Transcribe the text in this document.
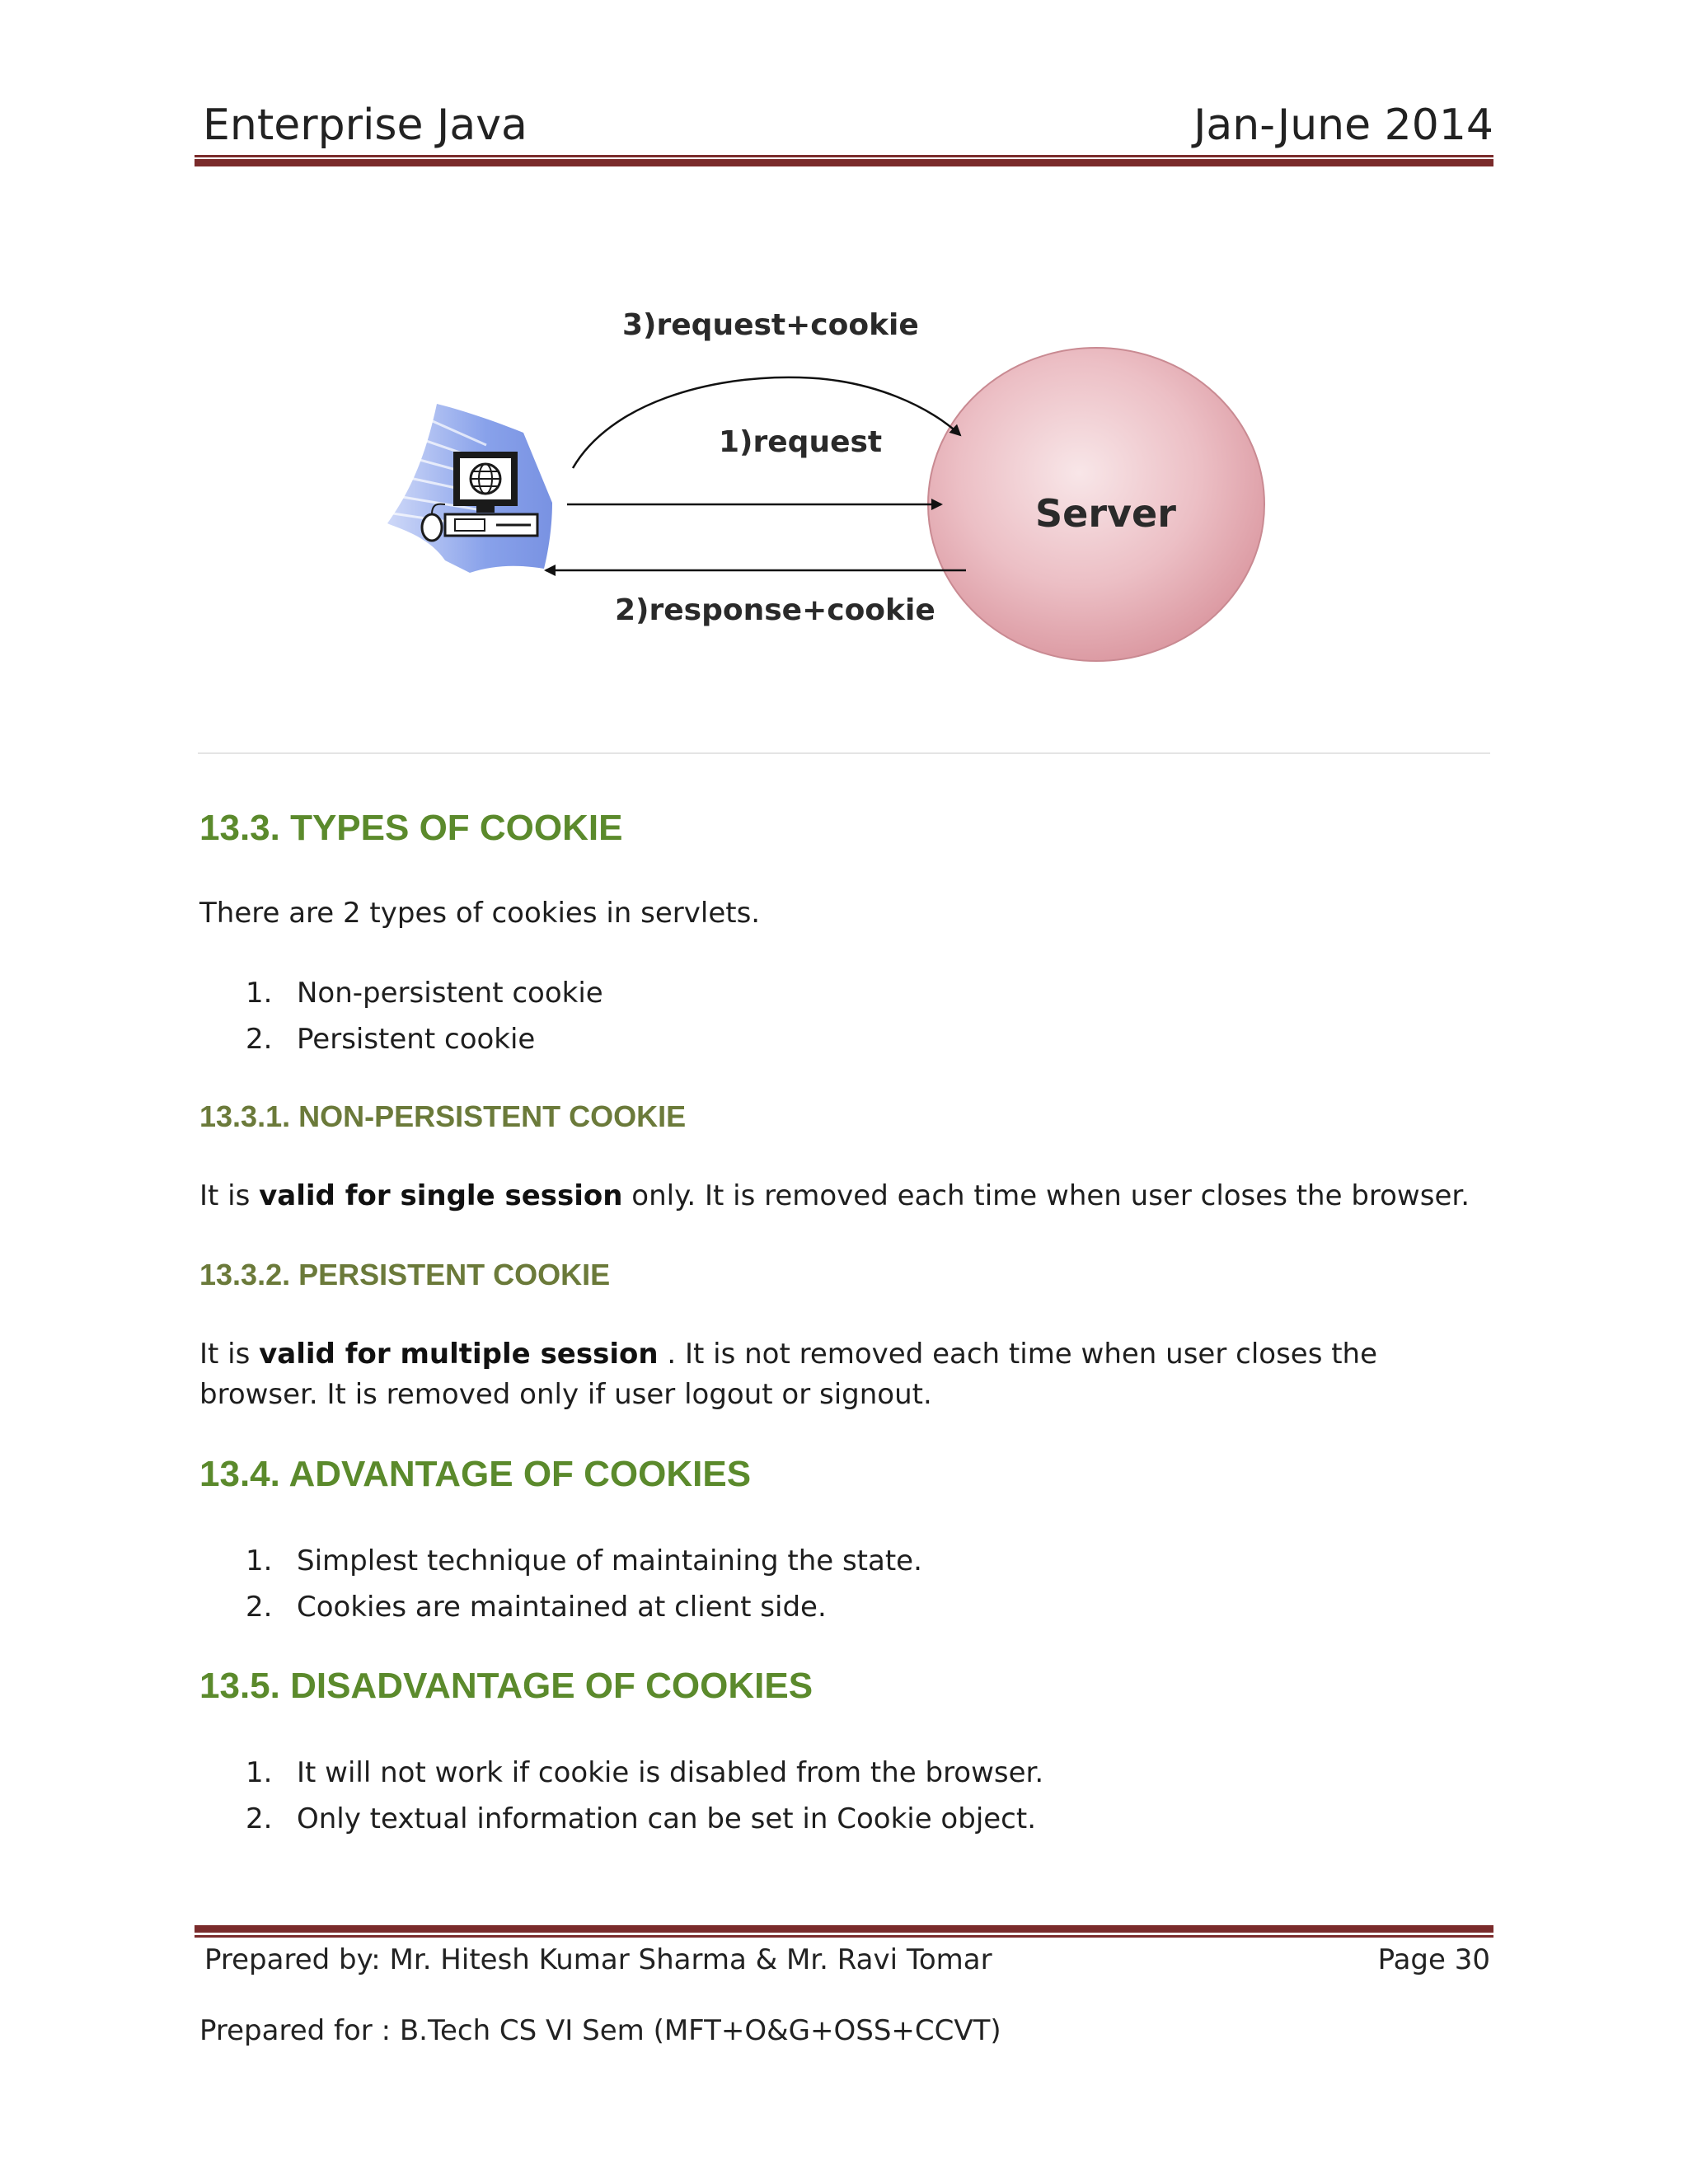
Enterprise Java	Jan-June 2014
3)request+cookie
1)request
2)response+cookie
Server
13.3. TYPES OF COOKIE
There are 2 types of cookies in servlets.
1. Non-persistent cookie
2. Persistent cookie
13.3.1. NON-PERSISTENT COOKIE
It is valid for single session only. It is removed each time when user closes the browser.
13.3.2. PERSISTENT COOKIE
It is valid for multiple session . It is not removed each time when user closes the browser. It is removed only if user logout or signout.
13.4. ADVANTAGE OF COOKIES
1. Simplest technique of maintaining the state.
2. Cookies are maintained at client side.
13.5. DISADVANTAGE OF COOKIES
1. It will not work if cookie is disabled from the browser.
2. Only textual information can be set in Cookie object.
Prepared by: Mr. Hitesh Kumar Sharma & Mr. Ravi Tomar	Page 30
Prepared for : B.Tech CS VI Sem (MFT+O&G+OSS+CCVT)
